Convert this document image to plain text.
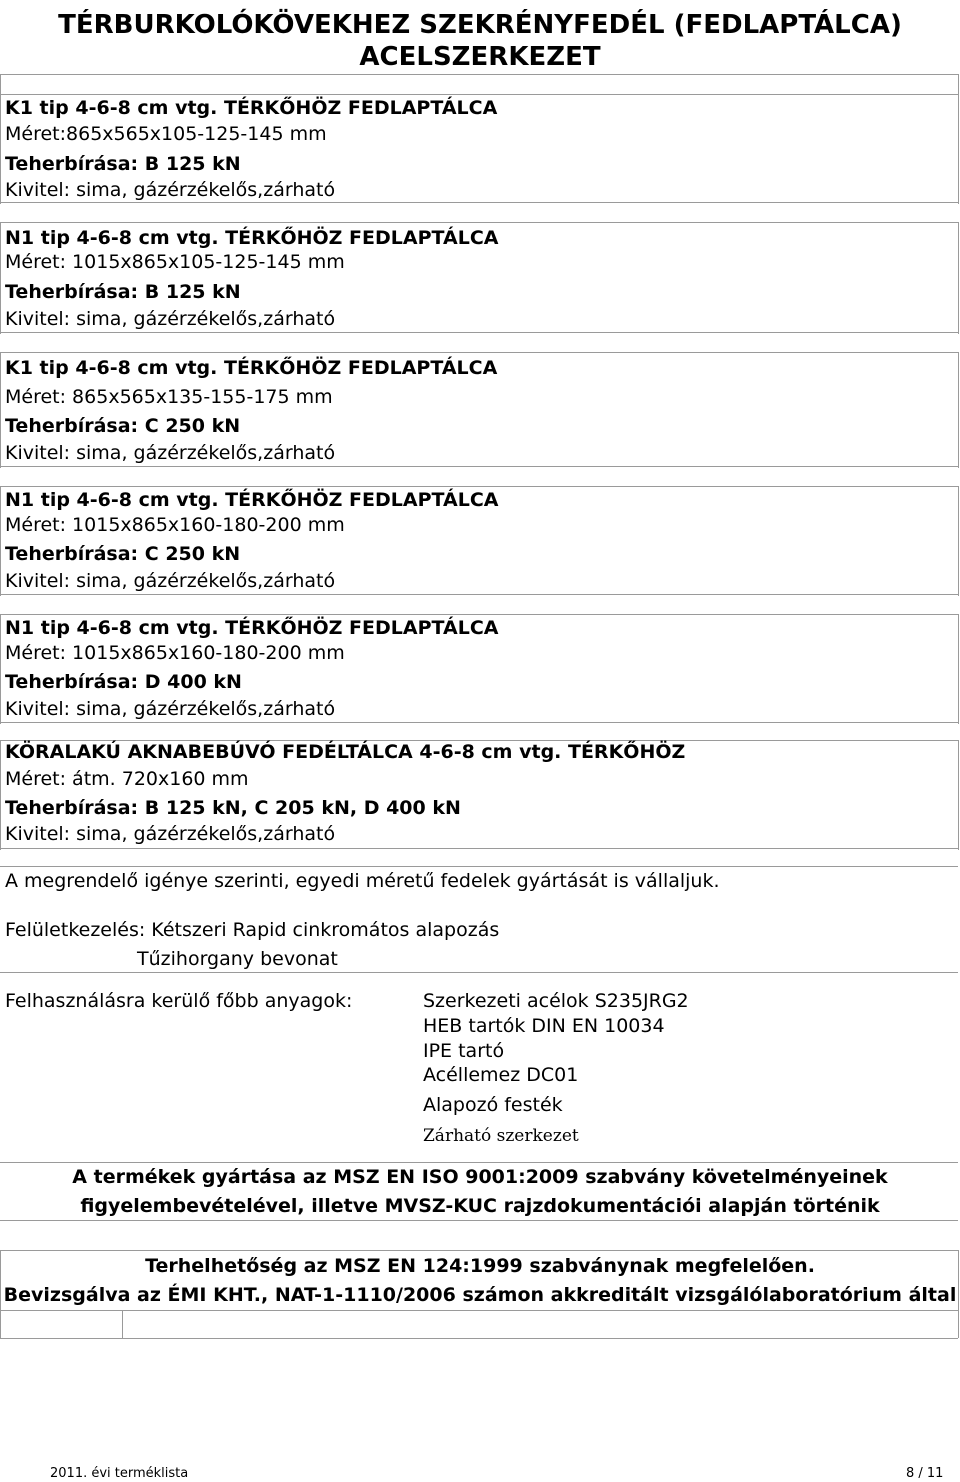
TÉRBURKOLÓKÖVEKHEZ SZEKRÉNYFEDÉL (FEDLAPTÁLCA)
ACELSZERKEZET
K1 tip 4-6-8 cm vtg. TÉRKŐHÖZ FEDLAPTÁLCA
Méret:865x565x105-125-145 mm
Teherbírása: B 125 kN
Kivitel: sima, gázérzékelős,zárható
N1 tip 4-6-8 cm vtg. TÉRKŐHÖZ FEDLAPTÁLCA
Méret: 1015x865x105-125-145 mm
Teherbírása: B 125 kN
Kivitel: sima, gázérzékelős,zárható
K1 tip 4-6-8 cm vtg. TÉRKŐHÖZ FEDLAPTÁLCA
Méret: 865x565x135-155-175 mm
Teherbírása: C 250 kN
Kivitel: sima, gázérzékelős,zárható
N1 tip 4-6-8 cm vtg. TÉRKŐHÖZ FEDLAPTÁLCA
Méret: 1015x865x160-180-200 mm
Teherbírása: C 250 kN
Kivitel: sima, gázérzékelős,zárható
N1 tip 4-6-8 cm vtg. TÉRKŐHÖZ FEDLAPTÁLCA
Méret: 1015x865x160-180-200 mm
Teherbírása: D 400 kN
Kivitel: sima, gázérzékelős,zárható
KÖRALAKÚ AKNABEBÚVÓ FEDÉLTÁLCA 4-6-8 cm vtg. TÉRKŐHÖZ
Méret: átm. 720x160 mm
Teherbírása: B 125 kN, C 205 kN, D 400 kN
Kivitel: sima, gázérzékelős,zárható
A megrendelő igénye szerinti, egyedi méretű fedelek gyártását is vállaljuk.
Felületkezelés: Kétszeri Rapid cinkromátos alapozás
Tűzihorgany bevonat
Felhasználásra kerülő főbb anyagok:	Szerkezeti acélok S235JRG2
HEB tartók DIN EN 10034
IPE tartó
Acéllemez DC01
Alapozó festék
Zárható szerkezet
A termékek gyártása az MSZ EN ISO 9001:2009 szabvány követelményeinek
figyelembevételével, illetve MVSZ-KUC rajzdokumentációi alapján történik
Terhelhetőség az MSZ EN 124:1999 szabványnak megfelelően.
Bevizsgálva az ÉMI KHT., NAT-1-1110/2006 számon akkreditált vizsgálólaboratórium által
2011. évi terméklista	8 / 11
